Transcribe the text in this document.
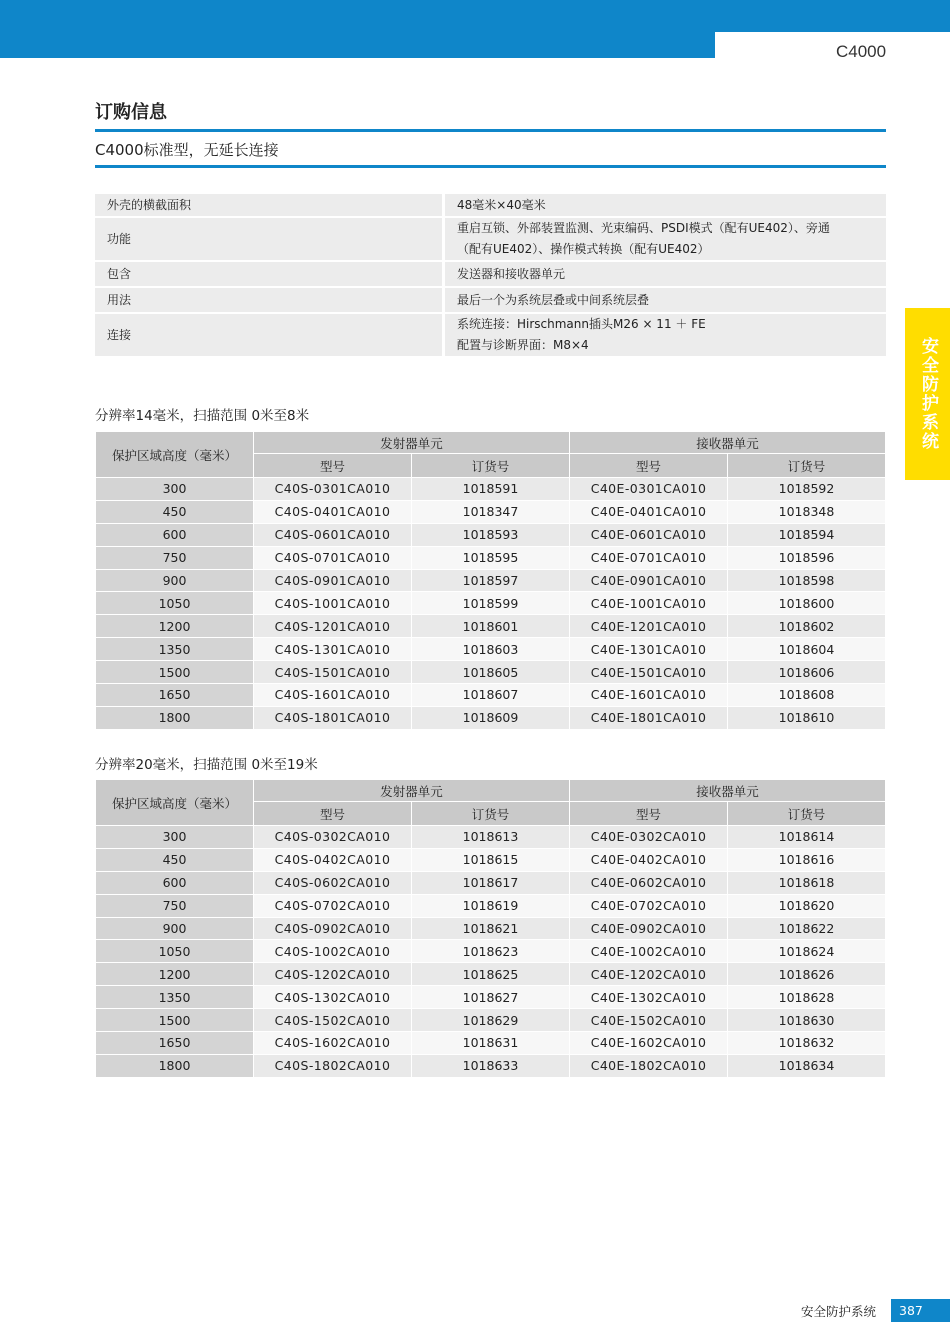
C4000
安全防护系统
订购信息
C4000标准型，无延长连接
外壳的横截面积	48毫米×40毫米

功能	重启互锁、外部装置监测、光束编码、PSDI模式（配有UE402）、旁通
（配有UE402）、操作模式转换（配有UE402）

包含	发送器和接收器单元

用法	最后一个为系统层叠或中间系统层叠

连接	系统连接：Hirschmann插头M26 × 11 ＋ FE
配置与诊断界面：M8×4
分辨率14毫米，扫描范围 0米至8米
保护区域高度（毫米）	发射器单元		接收器单元	
	型号	订货号	型号	订货号
300	C40S-0301CA010	1018591	C40E-0301CA010	1018592
450	C40S-0401CA010	1018347	C40E-0401CA010	1018348
600	C40S-0601CA010	1018593	C40E-0601CA010	1018594
750	C40S-0701CA010	1018595	C40E-0701CA010	1018596
900	C40S-0901CA010	1018597	C40E-0901CA010	1018598
1050	C40S-1001CA010	1018599	C40E-1001CA010	1018600
1200	C40S-1201CA010	1018601	C40E-1201CA010	1018602
1350	C40S-1301CA010	1018603	C40E-1301CA010	1018604
1500	C40S-1501CA010	1018605	C40E-1501CA010	1018606
1650	C40S-1601CA010	1018607	C40E-1601CA010	1018608
1800	C40S-1801CA010	1018609	C40E-1801CA010	1018610
分辨率20毫米，扫描范围 0米至19米
保护区域高度（毫米）	发射器单元		接收器单元	
	型号	订货号	型号	订货号
300	C40S-0302CA010	1018613	C40E-0302CA010	1018614
450	C40S-0402CA010	1018615	C40E-0402CA010	1018616
600	C40S-0602CA010	1018617	C40E-0602CA010	1018618
750	C40S-0702CA010	1018619	C40E-0702CA010	1018620
900	C40S-0902CA010	1018621	C40E-0902CA010	1018622
1050	C40S-1002CA010	1018623	C40E-1002CA010	1018624
1200	C40S-1202CA010	1018625	C40E-1202CA010	1018626
1350	C40S-1302CA010	1018627	C40E-1302CA010	1018628
1500	C40S-1502CA010	1018629	C40E-1502CA010	1018630
1650	C40S-1602CA010	1018631	C40E-1602CA010	1018632
1800	C40S-1802CA010	1018633	C40E-1802CA010	1018634
安全防护系统	387
